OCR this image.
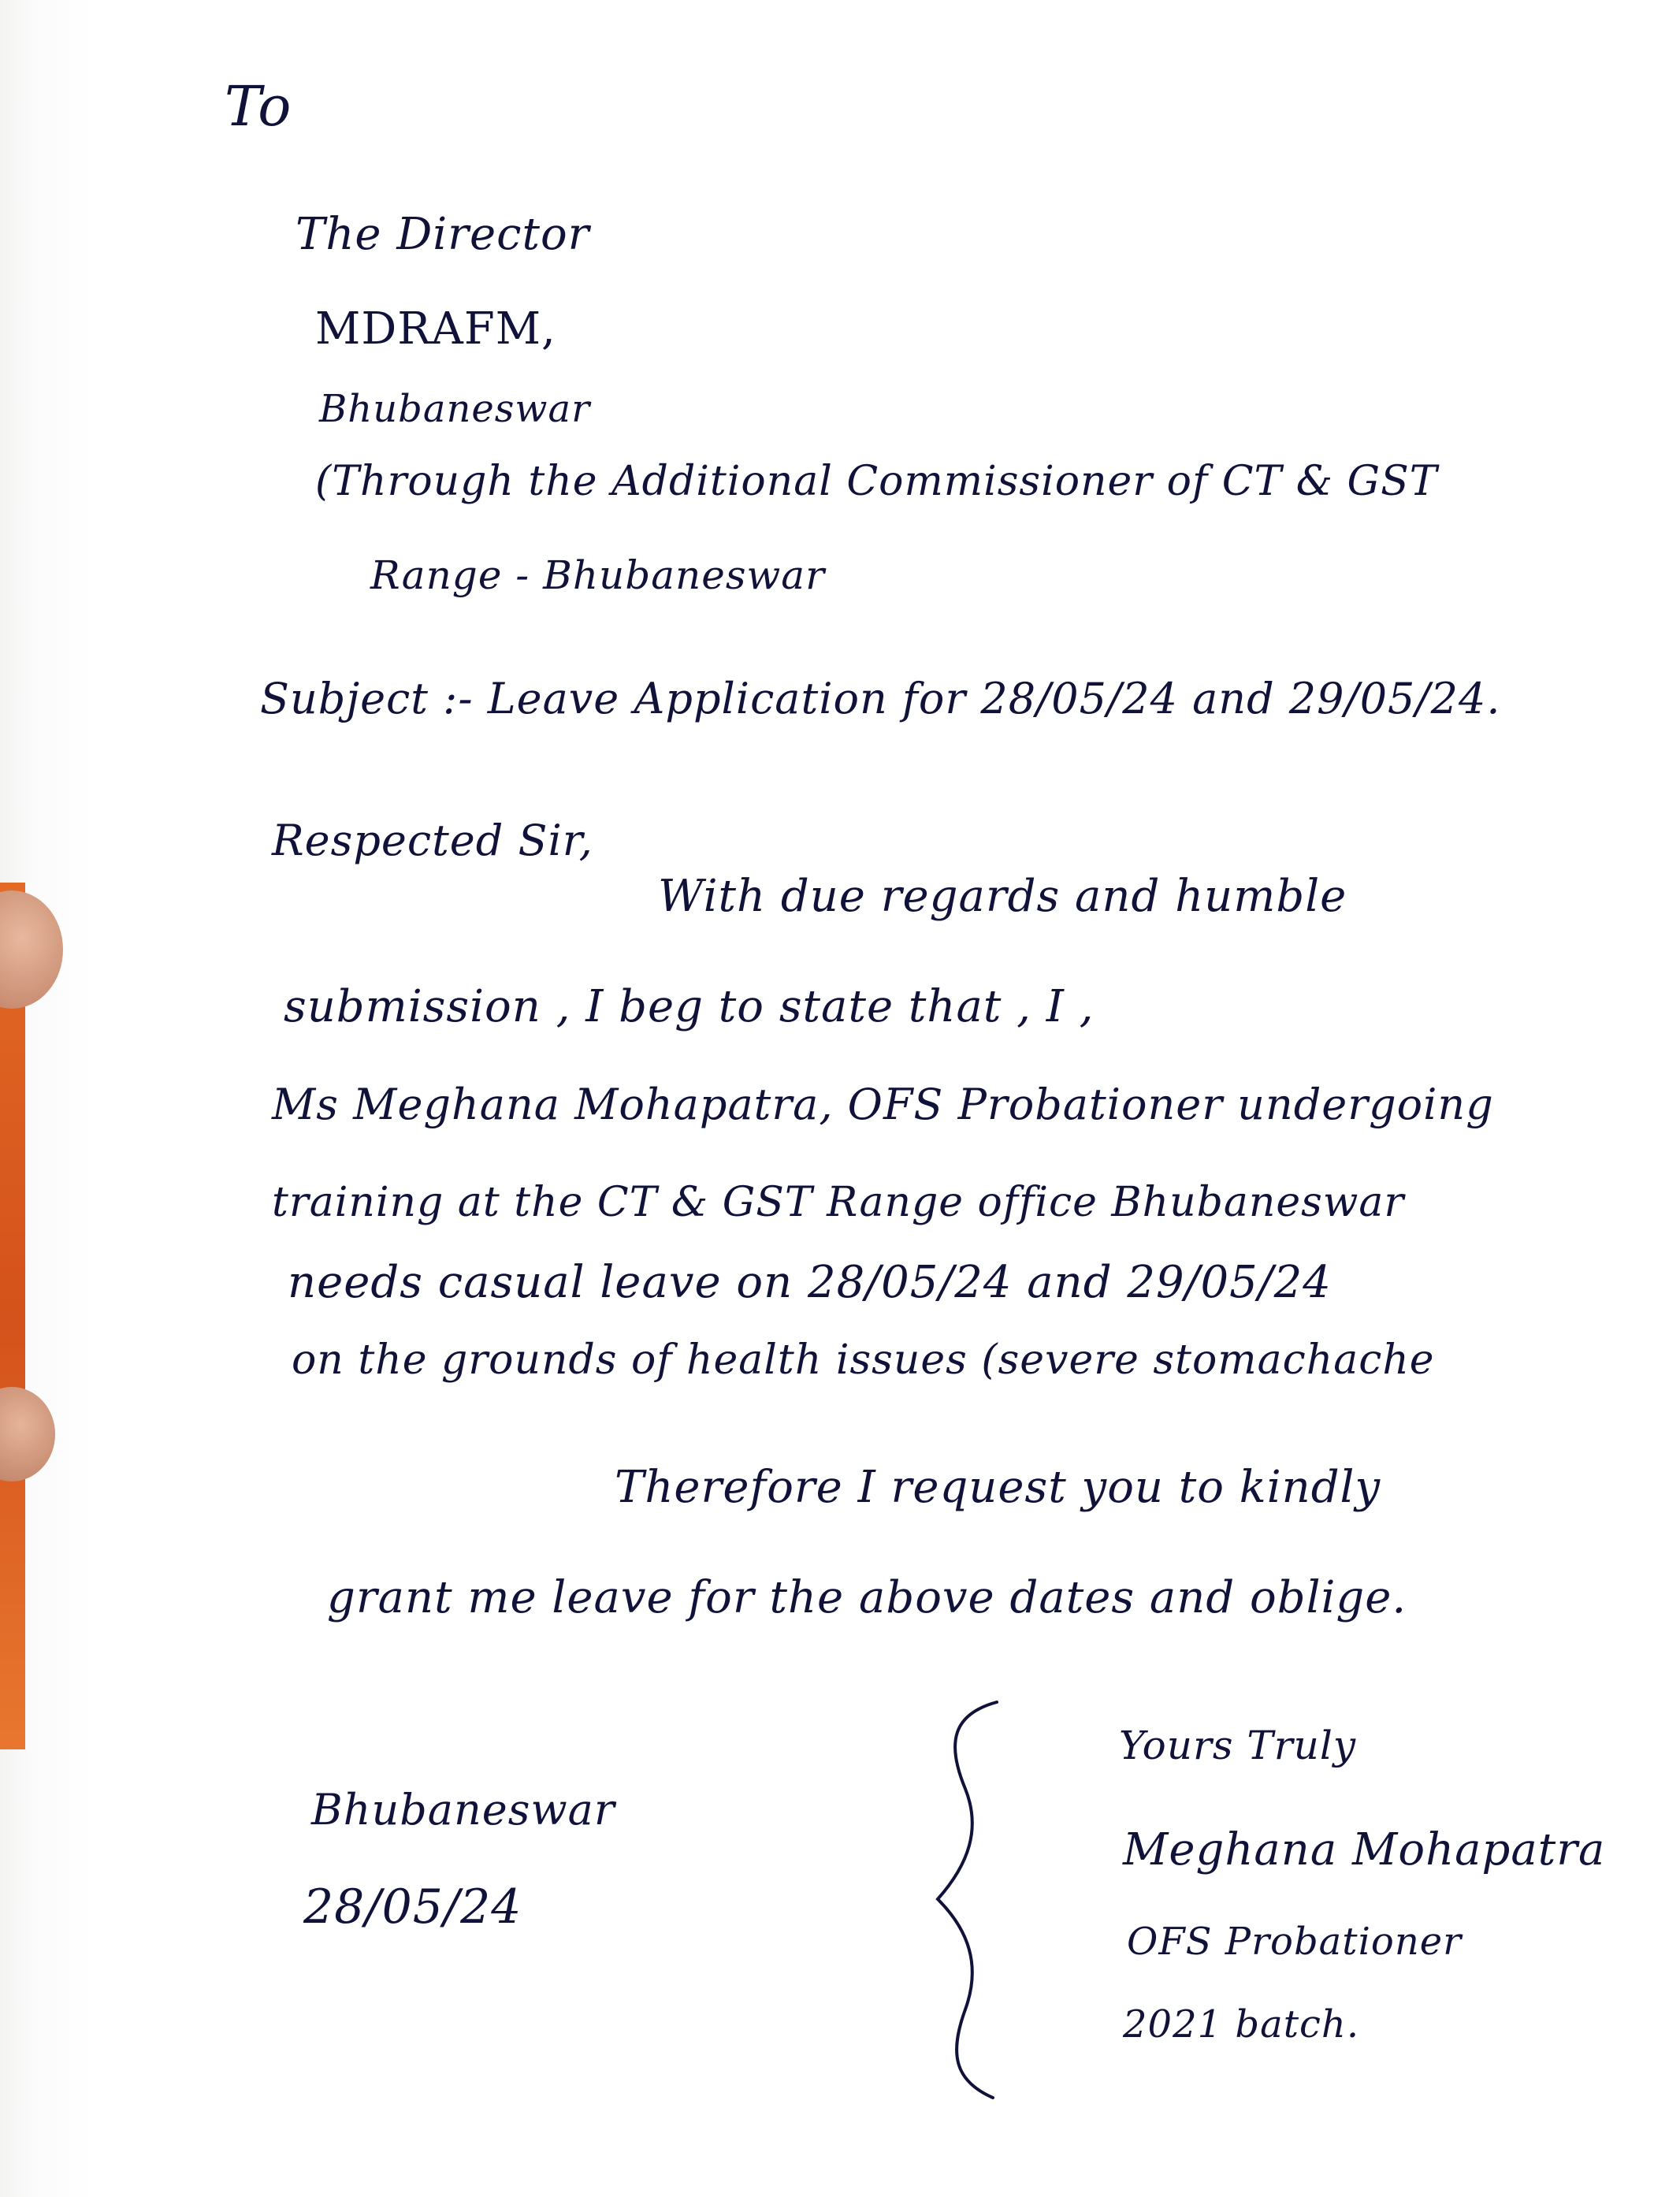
To
The Director
MDRAFM,
Bhubaneswar
(Through the Additional Commissioner of CT & GST
Range - Bhubaneswar
Subject :- Leave Application for 28/05/24 and 29/05/24.
Respected Sir,
With due regards and humble
submission , I beg to state that , I ,
Ms Meghana Mohapatra, OFS Probationer undergoing
training at the CT & GST Range office Bhubaneswar
needs casual leave on 28/05/24 and 29/05/24
on the grounds of health issues (severe stomachache
Therefore I request you to kindly
grant me leave for the above dates and oblige.
Bhubaneswar
28/05/24
Yours Truly
Meghana Mohapatra
OFS Probationer
2021 batch.
